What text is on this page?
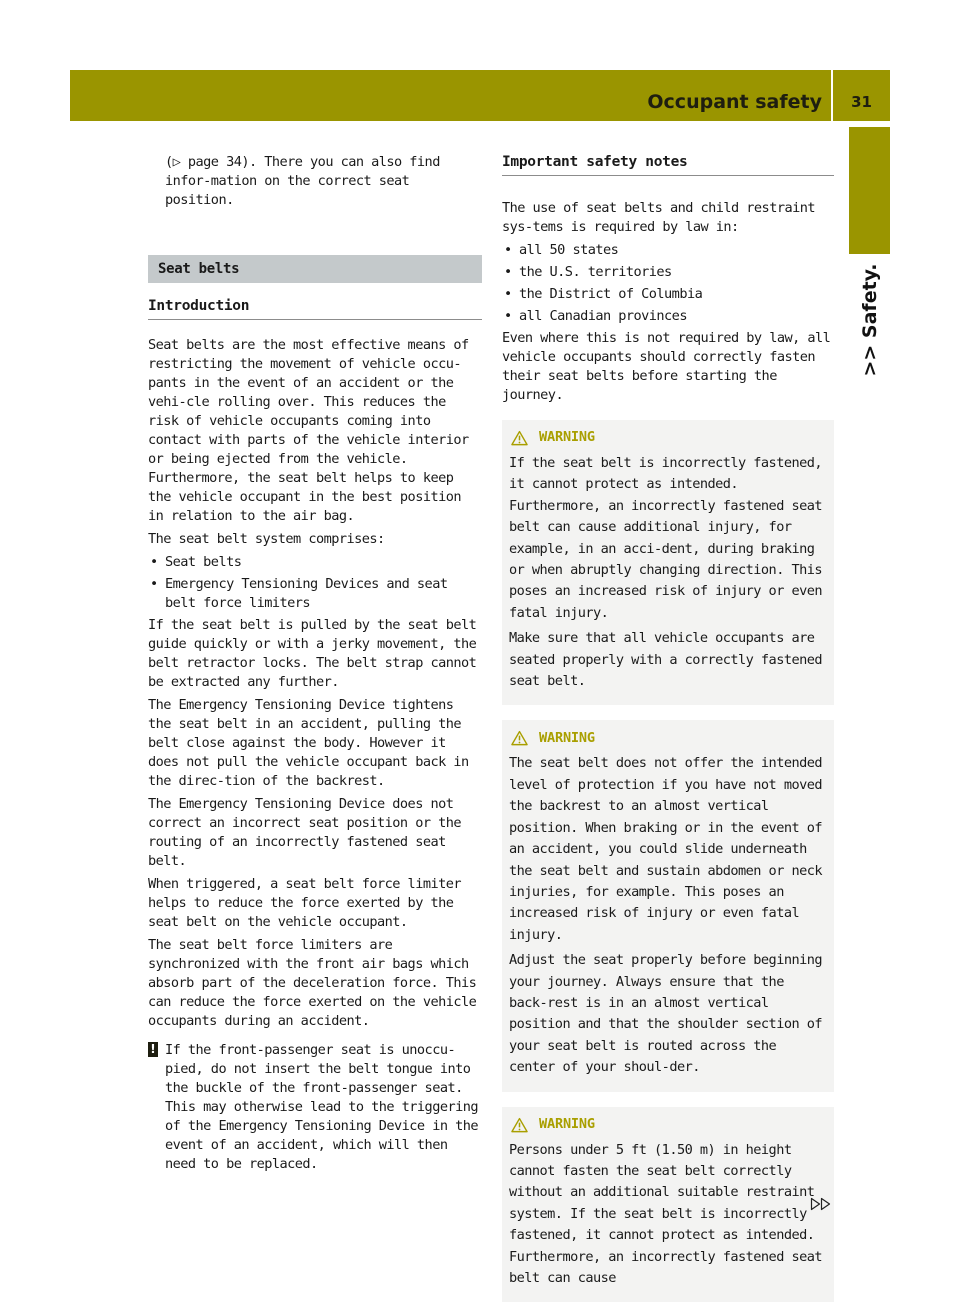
Occupant safety	31
>> Safety.

(▷ page 34). There you can also find infor-mation on the correct seat position.

Seat belts
Introduction

Seat belts are the most effective means of restricting the movement of vehicle occu-pants in the event of an accident or the vehi-cle rolling over. This reduces the risk of vehicle occupants coming into contact with parts of the vehicle interior or being ejected from the vehicle. Furthermore, the seat belt helps to keep the vehicle occupant in the best position in relation to the air bag.

The seat belt system comprises:

• Seat belts
• Emergency Tensioning Devices and seat belt force limiters

If the seat belt is pulled by the seat belt guide quickly or with a jerky movement, the belt retractor locks. The belt strap cannot be extracted any further.

The Emergency Tensioning Device tightens the seat belt in an accident, pulling the belt close against the body. However it does not pull the vehicle occupant back in the direc-tion of the backrest.

The Emergency Tensioning Device does not correct an incorrect seat position or the routing of an incorrectly fastened seat belt.

When triggered, a seat belt force limiter helps to reduce the force exerted by the seat belt on the vehicle occupant.

The seat belt force limiters are synchronized with the front air bags which absorb part of the deceleration force. This can reduce the force exerted on the vehicle occupants during an accident.

! If the front-passenger seat is unoccu-pied, do not insert the belt tongue into the buckle of the front-passenger seat. This may otherwise lead to the triggering of the Emergency Tensioning Device in the event of an accident, which will then need to be replaced.

Important safety notes

The use of seat belts and child restraint sys-tems is required by law in:

• all 50 states
• the U.S. territories
• the District of Columbia
• all Canadian provinces

Even where this is not required by law, all vehicle occupants should correctly fasten their seat belts before starting the journey.

WARNING

If the seat belt is incorrectly fastened, it cannot protect as intended. Furthermore, an incorrectly fastened seat belt can cause additional injury, for example, in an acci-dent, during braking or when abruptly changing direction. This poses an increased risk of injury or even fatal injury.

Make sure that all vehicle occupants are seated properly with a correctly fastened seat belt.

WARNING

The seat belt does not offer the intended level of protection if you have not moved the backrest to an almost vertical position. When braking or in the event of an accident, you could slide underneath the seat belt and sustain abdomen or neck injuries, for example. This poses an increased risk of injury or even fatal injury.

Adjust the seat properly before beginning your journey. Always ensure that the back-rest is in an almost vertical position and that the shoulder section of your seat belt is routed across the center of your shoul-der.

WARNING

Persons under 5 ft (1.50 m) in height cannot fasten the seat belt correctly without an additional suitable restraint system. If the seat belt is incorrectly fastened, it cannot protect as intended. Furthermore, an incorrectly fastened seat belt can cause
